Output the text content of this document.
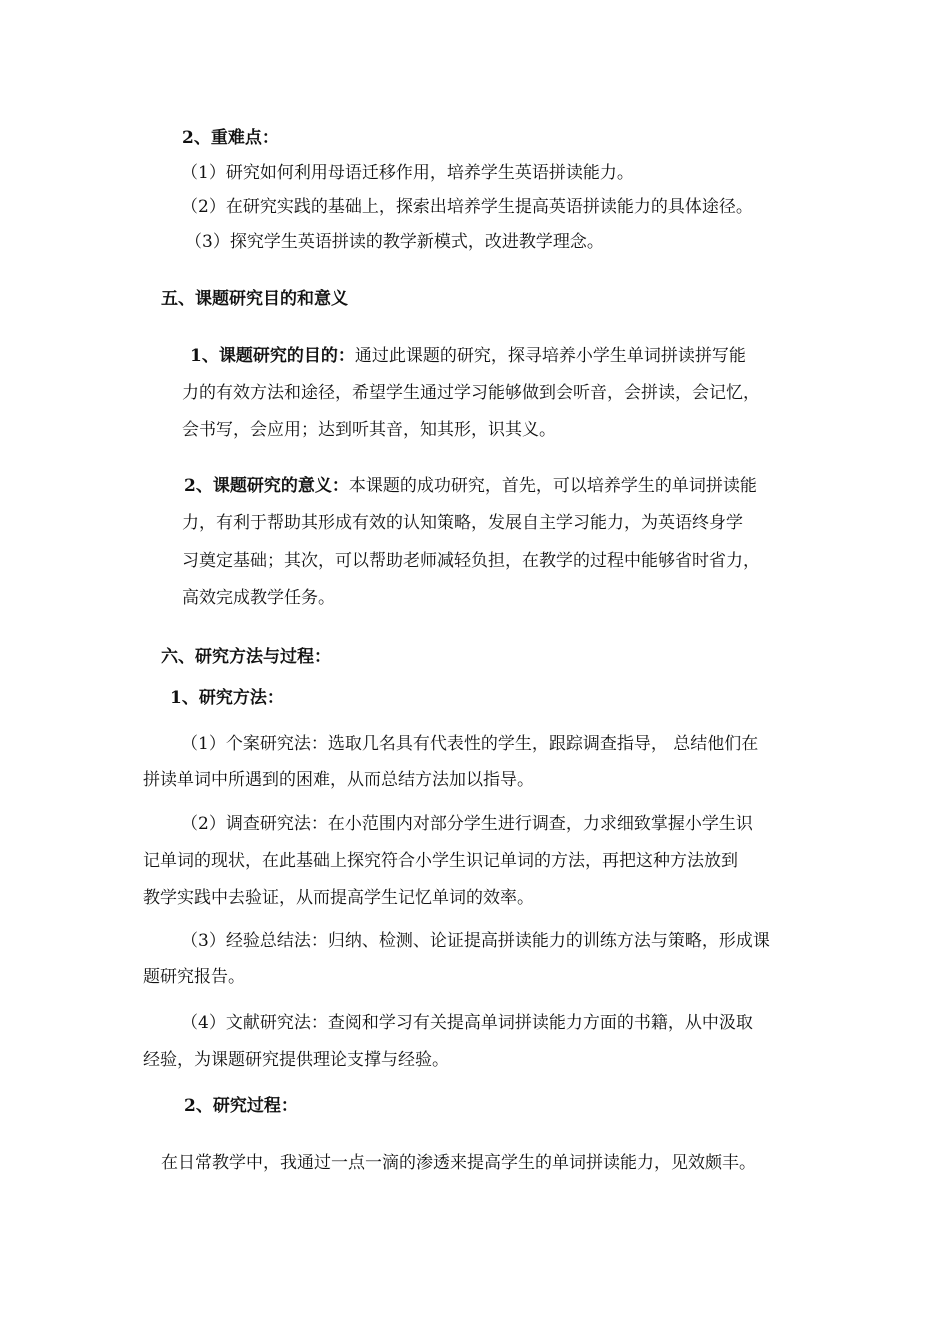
2、重难点：

（1）研究如何利用母语迁移作用，培养学生英语拼读能力。

（2）在研究实践的基础上，探索出培养学生提高英语拼读能力的具体途径。

（3）探究学生英语拼读的教学新模式，改进教学理念。

五、课题研究目的和意义

1、课题研究的目的：通过此课题的研究，探寻培养小学生单词拼读拼写能

力的有效方法和途径，希望学生通过学习能够做到会听音，会拼读，会记忆，

会书写，会应用；达到听其音，知其形，识其义。

2、课题研究的意义：本课题的成功研究，首先，可以培养学生的单词拼读能

力，有利于帮助其形成有效的认知策略，发展自主学习能力，为英语终身学

习奠定基础；其次，可以帮助老师减轻负担，在教学的过程中能够省时省力，

高效完成教学任务。

六、研究方法与过程：

1、研究方法：

（1）个案研究法：选取几名具有代表性的学生，跟踪调查指导， 总结他们在

拼读单词中所遇到的困难，从而总结方法加以指导。

（2）调查研究法：在小范围内对部分学生进行调查，力求细致掌握小学生识

记单词的现状，在此基础上探究符合小学生识记单词的方法，再把这种方法放到

教学实践中去验证，从而提高学生记忆单词的效率。

（3）经验总结法：归纳、检测、论证提高拼读能力的训练方法与策略，形成课

题研究报告。

（4）文献研究法：查阅和学习有关提高单词拼读能力方面的书籍，从中汲取

经验，为课题研究提供理论支撑与经验。

2、研究过程：

在日常教学中，我通过一点一滴的渗透来提高学生的单词拼读能力，见效颇丰。
